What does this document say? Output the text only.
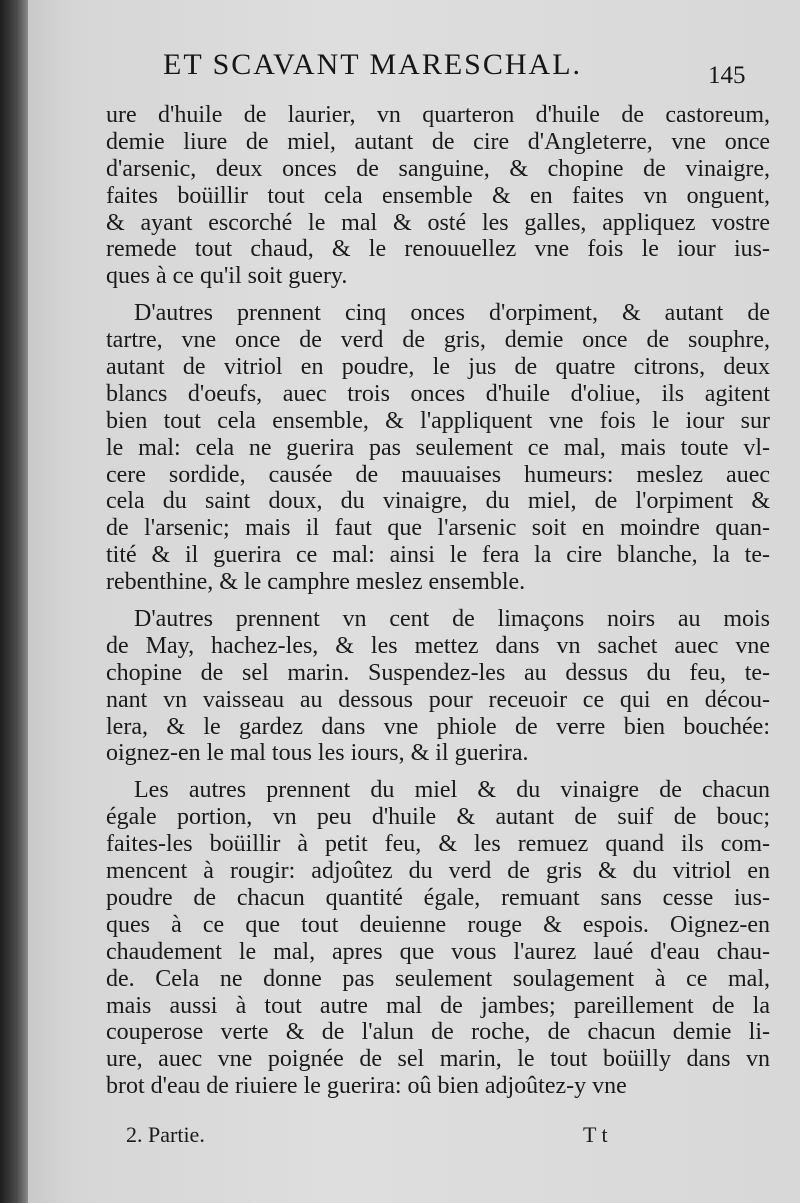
ET SCAVANT MARESCHAL.	145
ure d'huile de laurier, vn quarteron d'huile de castoreum,
demie liure de miel, autant de cire d'Angleterre, vne once
d'arsenic, deux onces de sanguine, & chopine de vinaigre,
faites boüillir tout cela ensemble & en faites vn onguent,
& ayant escorché le mal & osté les galles, appliquez vostre
remede tout chaud, & le renouuellez vne fois le iour ius-
ques à ce qu'il soit guery.
D'autres prennent cinq onces d'orpiment, & autant de
tartre, vne once de verd de gris, demie once de souphre,
autant de vitriol en poudre, le jus de quatre citrons, deux
blancs d'oeufs, auec trois onces d'huile d'oliue, ils agitent
bien tout cela ensemble, & l'appliquent vne fois le iour sur
le mal: cela ne guerira pas seulement ce mal, mais toute vl-
cere sordide, causée de mauuaises humeurs: meslez auec
cela du saint doux, du vinaigre, du miel, de l'orpiment &
de l'arsenic; mais il faut que l'arsenic soit en moindre quan-
tité & il guerira ce mal: ainsi le fera la cire blanche, la te-
rebenthine, & le camphre meslez ensemble.
D'autres prennent vn cent de limaçons noirs au mois
de May, hachez-les, & les mettez dans vn sachet auec vne
chopine de sel marin. Suspendez-les au dessus du feu, te-
nant vn vaisseau au dessous pour receuoir ce qui en décou-
lera, & le gardez dans vne phiole de verre bien bouchée:
oignez-en le mal tous les iours, & il guerira.
Les autres prennent du miel & du vinaigre de chacun
égale portion, vn peu d'huile & autant de suif de bouc;
faites-les boüillir à petit feu, & les remuez quand ils com-
mencent à rougir: adjoûtez du verd de gris & du vitriol en
poudre de chacun quantité égale, remuant sans cesse ius-
ques à ce que tout deuienne rouge & espois. Oignez-en
chaudement le mal, apres que vous l'aurez laué d'eau chau-
de. Cela ne donne pas seulement soulagement à ce mal,
mais aussi à tout autre mal de jambes; pareillement de la
couperose verte & de l'alun de roche, de chacun demie li-
ure, auec vne poignée de sel marin, le tout boüilly dans vn
brot d'eau de riuiere le guerira: oû bien adjoûtez-y vne
2. Partie.	T t
